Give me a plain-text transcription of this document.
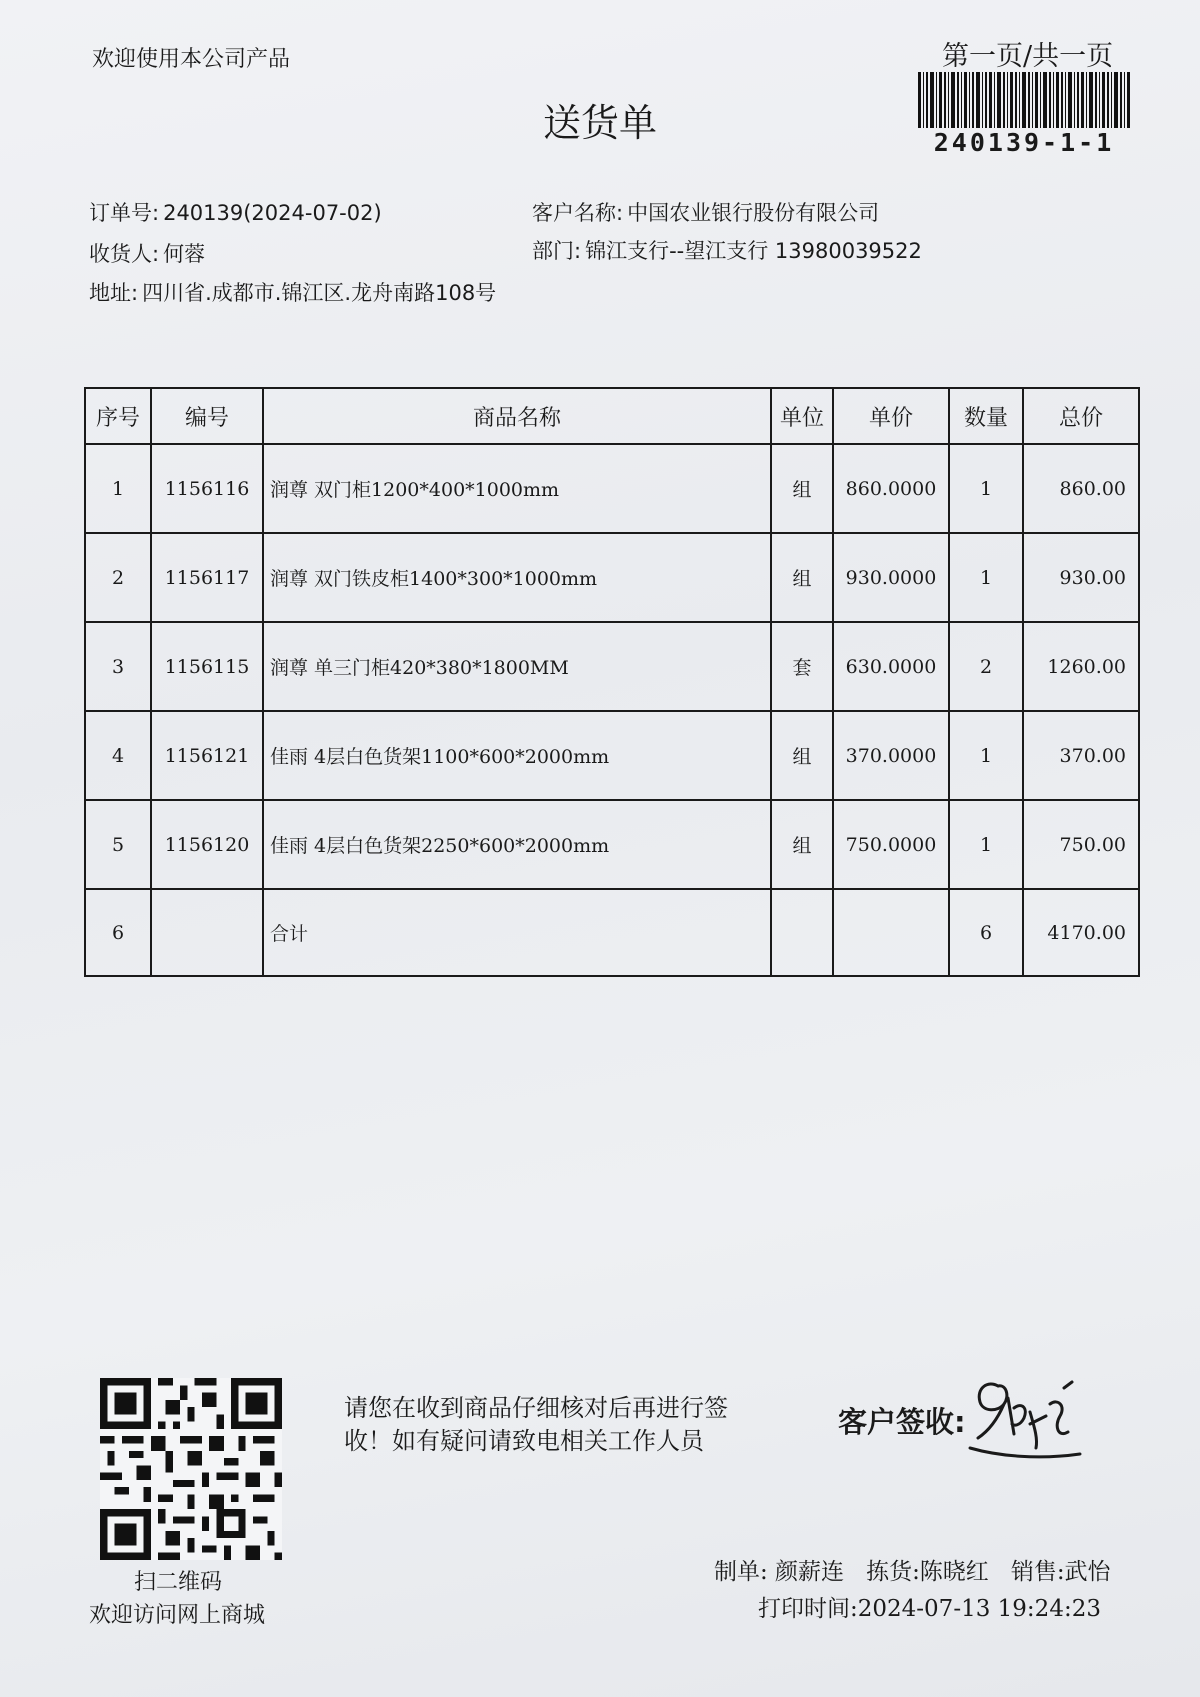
欢迎使用本公司产品	第一页/共一页
240139-1-1
送货单
订单号: 240139(2024-07-02)	客户名称: 中国农业银行股份有限公司
收货人: 何蓉	部门: 锦江支行--望江支行 13980039522
地址: 四川省.成都市.锦江区.龙舟南路108号
序号	编号	商品名称	单位	单价	数量	总价
1	1156116	润尊 双门柜1200*400*1000mm	组	860.0000	1	860.00
2	1156117	润尊 双门铁皮柜1400*300*1000mm	组	930.0000	1	930.00
3	1156115	润尊 单三门柜420*380*1800MM	套	630.0000	2	1260.00
4	1156121	佳雨 4层白色货架1100*600*2000mm	组	370.0000	1	370.00
5	1156120	佳雨 4层白色货架2250*600*2000mm	组	750.0000	1	750.00
6		合计			6	4170.00
扫二维码
欢迎访问网上商城
请您在收到商品仔细核对后再进行签收！如有疑问请致电相关工作人员
客户签收:
制单: 颜薪连 拣货:陈晓红 销售:武怡
打印时间:2024-07-13 19:24:23
